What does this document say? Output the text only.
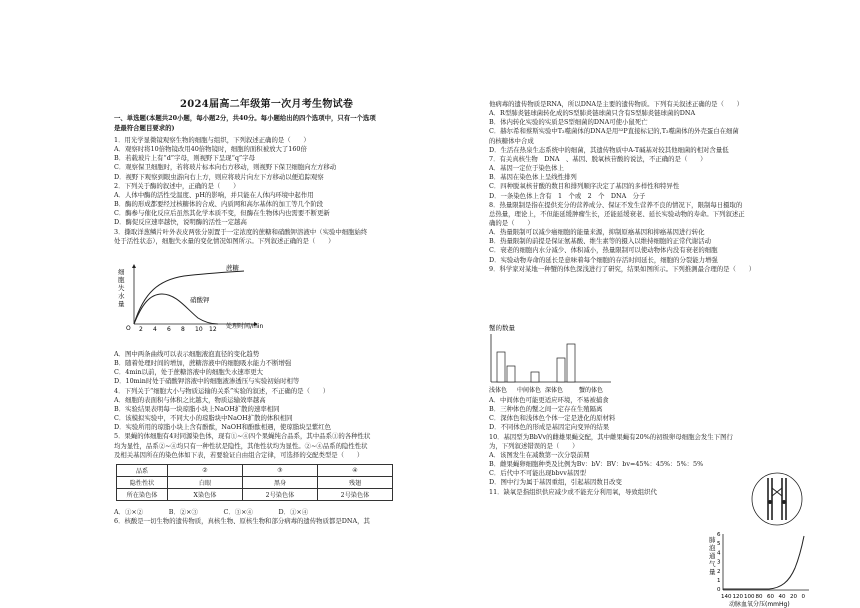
2024届高二年级第一次月考生物试卷
一、单选题(本题共20小题，每小题2分，共40分。每小题给出的四个选项中，只有一个选项
是最符合题目要求的)
1．用光学显微镜观察生物的细胞与组织，下列叙述正确的是（　　）
A．观察时将10倍物镜改用40倍物镜时，细胞的面积被放大了160倍
B．若载玻片上有“d”字母，则视野下呈现“q”字母
C．观察保卫细胞时，若将玻片标本向右方移动，则视野下保卫细胞向左方移动
D．视野下观察到眼虫游向右上方，则应将玻片向左下方移动以便追踪观察
2．下列关于酶的叙述中，正确的是（　　）
A．人体中酶的活性受温度、pH的影响，并只能在人体内环境中起作用
B．酶的形成都要经过核糖体的合成、内质网和高尔基体的加工等几个阶段
C．酶参与催化反应后虽然其化学本质不变，但酶在生物体内也需要不断更新
D．酶促反应速率越快，说明酶的活性一定越高
3．撕取洋葱鳞片叶外表皮两张分别置于一定浓度的蔗糖和硝酸钾溶液中（实验中细胞始终
处于活性状态），细胞失水量的变化情况如图所示。下列叙述正确的是（　　）
蔗糖
硝酸钾
O
细
胞
失
水
量
2 4 6 8 10 12 处理时间/min
A．图中两条曲线可以表示细胞液泡直径的变化趋势
B．随着处理时间的增加，蔗糖溶液中的细胞吸水能力不断增强
C．4min以前，处于蔗糖溶液中的细胞失水速率更大
D．10min时处于硝酸钾溶液中的细胞液渗透压与实验初始时相等
4．下列关于“细胞大小与物质运输的关系”实验的叙述，不正确的是（　　）
A．细胞的表面积与体积之比越大，物质运输效率越高
B．实验结果表明每一块琼脂小块上NaOH扩散的速率相同
C．该模拟实验中，不同大小的琼脂块中NaOH扩散的体积相同
D．实验所用的琼脂小块上含有酚酞，NaOH和酚酞相遇，使琼脂块呈紫红色
5．果蝇的体细胞有4对同源染色体，现有①~④四个果蝇纯合品系，其中品系①的各种性状
均为显性，品系②~④均只有一种性状是隐性，其他性状均为显性。②~④品系的隐性性状
及相关基因所在的染色体如下表，若要验证自由组合定律，可选择的交配类型是（　　）
品系	②	③	④
隐性性状	白眼	黑身	残翅
所在染色体	X染色体	2号染色体	2号染色体
A．①×②　　　　B．②×③　　　　C．③×④　　　　D．①×④
6．核酸是一切生物的遗传物质，真核生物、原核生物和部分病毒的遗传物质都是DNA，其
他病毒的遗传物质是RNA，所以DNA是主要的遗传物质。下列有关叙述正确的是（　　）
A．R型肺炎链球菌转化成的S型肺炎链球菌只含有S型肺炎链球菌的DNA
B．体内转化实验的实质是S型细菌的DNA可使小鼠死亡
C．赫尔希和蔡斯实验中T₂噬菌体的DNA是用³²P直接标记的,T₂噬菌体的外壳蛋白在细菌
的核糖体中合成
D．生活在热泉生态系统中的细菌，其遗传物质中A-T碱基对较其他细菌的相对含量低
7．有关真核生物　DNA　、基因、脱氧核苷酸的说法，不正确的是（　　）
A．基因一定位于染色体上
B．基因在染色体上呈线性排列
C．四种脱氧核苷酸的数目和排列顺序决定了基因的多样性和特异性
D．一条染色体上含有　1　个或　2　个　DNA　分子
8．热量限制是指在提供充分的营养成分、保证不发生营养不良的情况下，限制每日摄取的
总热量，理论上，不但能延缓肿瘤生长，还能延缓衰老、延长实验动物的寿命。下列叙述正
确的是（　　）
A．热量限制可以减少癌细胞的能量来源，抑制原癌基因和抑癌基因进行转化
B．热量限制的前提是保证氨基酸、维生素等的摄入以维持细胞的正常代谢活动
C．衰老的细胞内水分减少、体积减小，热量限制可以使动物体内没有衰老的细胞
D．实验动物寿命的延长是意味着每个细胞的存活时间延长，细胞的分裂能力增强
9．科学家对某地一种蟹的体色深浅进行了研究，结果如图所示。下列推测最合理的是（　　）
蟹的数量
浅体色 中间体色 深体色	蟹的体色
A．中间体色可能更适应环境，不易被捕食
B．三种体色的蟹之间一定存在生殖隔离
C．深体色和浅体色个体一定是进化的原材料
D．不同体色的形成是基因定向变异的结果
10．基因型为BbVv的雌雄果蝇交配，其中雌果蝇有20%的初级卵母细胞会发生下图行
为，下列叙述错误的是（　　）
A．该图发生在减数第一次分裂前期
B．雌果蝇卵细胞种类及比例为Bv：bV：BV：bv=45%：45%：5%：5%
C．后代中不可能出现bbvv基因型
D．图中行为属于基因重组，引起基因数目改变
11．缺氧是指组织供应减少或不能充分利用氧，导致组织代
肺
泡
通
气
量
6
5
4
3
2
1
0
140 120 100 80 60 40 20 0
动脉血氧分压(mmHg)
